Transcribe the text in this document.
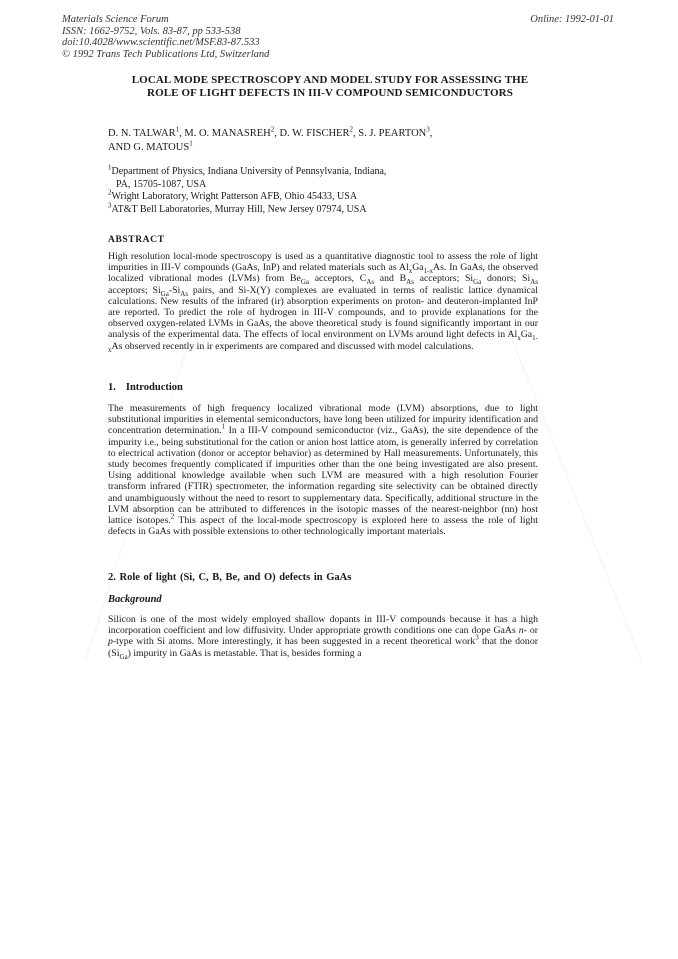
Materials Science Forum
ISSN: 1662-9752, Vols. 83-87, pp 533-538
doi:10.4028/www.scientific.net/MSF.83-87.533
© 1992 Trans Tech Publications Ltd, Switzerland
Online: 1992-01-01
LOCAL MODE SPECTROSCOPY AND MODEL STUDY FOR ASSESSING THE
ROLE OF LIGHT DEFECTS IN III-V COMPOUND SEMICONDUCTORS
D. N. TALWAR$^1$, M. O. MANASREH$^2$, D. W. FISCHER$^2$, S. J. PEARTON$^3$,
AND G. MATOUS$^1$
$^1$Department of Physics, Indiana University of Pennsylvania, Indiana,
PA, 15705-1087, USA
$^2$Wright Laboratory, Wright Patterson AFB, Ohio 45433, USA
$^3$AT&T Bell Laboratories, Murray Hill, New Jersey 07974, USA
ABSTRACT
High resolution local-mode spectroscopy is used as a quantitative diagnostic tool to assess the role of light impurities in III-V compounds (GaAs, InP) and related materials such as $Al_xGa_{1-x}As$. In GaAs, the observed localized vibrational modes (LVMs) from $Be_{Ga}$ acceptors, $C_{As}$ and $B_{As}$ acceptors; $Si_{Ga}$ donors; $Si_{As}$ acceptors; $Si_{Ga}-Si_{As}$ pairs, and Si-X(Y) complexes are evaluated in terms of realistic lattice dynamical calculations. New results of the infrared (ir) absorption experiments on proton- and deuteron-implanted InP are reported. To predict the role of hydrogen in III-V compounds, and to provide explanations for the observed oxygen-related LVMs in GaAs, the above theoretical study is found significantly important in our analysis of the experimental data. The effects of local environment on LVMs around light defects in $Al_xGa_{1-x}As$ observed recently in ir experiments are compared and discussed with model calculations.
1. Introduction
The measurements of high frequency localized vibrational mode (LVM) absorptions, due to light substitutional impurities in elemental semiconductors, have long been utilized for impurity identification and concentration determination.$^1$ In a III-V compound semiconductor (viz., GaAs), the site dependence of the impurity i.e., being substitutional for the cation or anion host lattice atom, is generally inferred by correlation to electrical activation (donor or acceptor behavior) as determined by Hall measurements. Unfortunately, this study becomes frequently complicated if impurities other than the one being investigated are also present. Using additional knowledge available when such LVM are measured with a high resolution Fourier transform infrared (FTIR) spectrometer, the information regarding site selectivity can be obtained directly and unambiguously without the need to resort to supplementary data. Specifically, additional structure in the LVM absorption can be attributed to differences in the isotopic masses of the nearest-neighbor (nn) host lattice isotopes.$^2$ This aspect of the local-mode spectroscopy is explored here to assess the role of light defects in GaAs with possible extensions to other technologically important materials.
2. Role of light (Si, C, B, Be, and O) defects in GaAs
Background
Silicon is one of the most widely employed shallow dopants in III-V compounds because it has a high incorporation coefficient and low diffusivity. Under appropriate growth conditions one can dope GaAs n- or p-type with Si atoms. More interestingly, it has been suggested in a recent theoretical work$^3$ that the donor $(Si_{Ga})$ impurity in GaAs is metastable. That is, besides forming a
